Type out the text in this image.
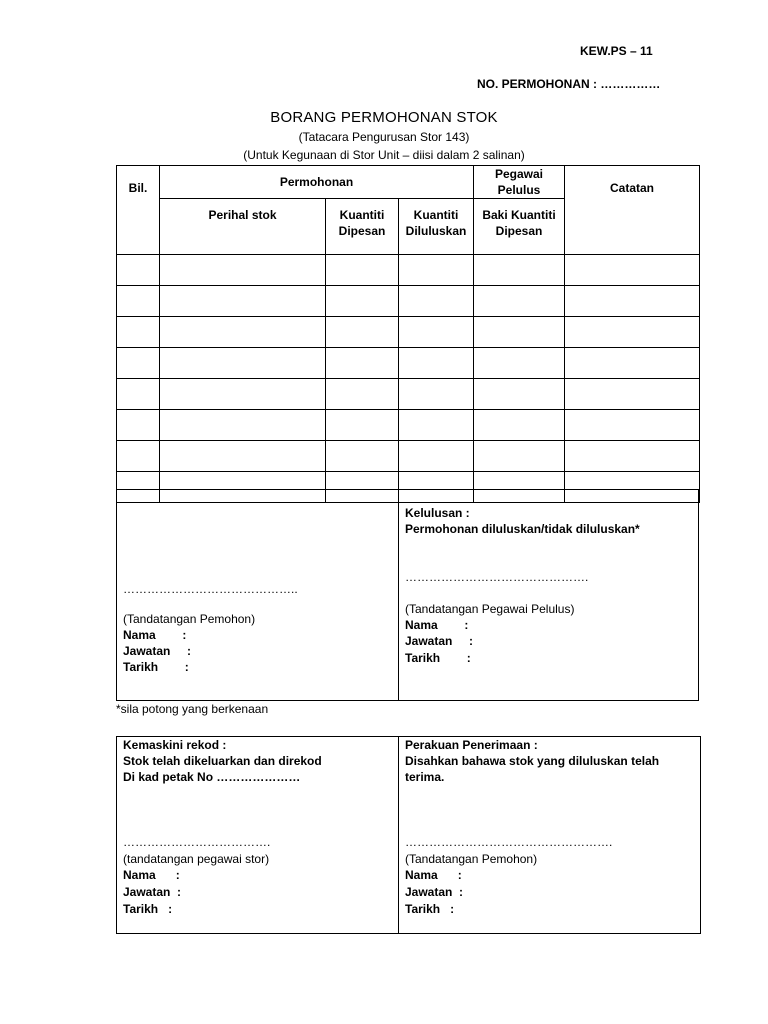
KEW.PS – 11
NO. PERMOHONAN : ……………
BORANG PERMOHONAN STOK
(Tatacara Pengurusan Stor 143)
(Untuk Kegunaan di Stor Unit – diisi dalam 2 salinan)
Bil.	Permohonan			Pegawai Pelulus	Catatan
	Perihal stok	Kuantiti Dipesan	Kuantiti Diluluskan	Baki Kuantiti Dipesan	

……………………………………..
(Tandatangan Pemohon)
Nama        :
Jawatan     :
Tarikh        :
Kelulusan :
Permohonan diluluskan/tidak diluluskan*
……………………………………….
(Tandatangan Pegawai Pelulus)
Nama        :
Jawatan     :
Tarikh        :
*sila potong yang berkenaan
Kemaskini rekod :
Stok telah dikeluarkan dan direkod
Di kad petak No …………………
……………………………….
(tandatangan pegawai stor)
Nama      :
Jawatan  :
Tarikh   :
Perakuan Penerimaan :
Disahkan bahawa stok yang diluluskan telah
terima.
…………………………………………….
(Tandatangan Pemohon)
Nama      :
Jawatan  :
Tarikh   :
